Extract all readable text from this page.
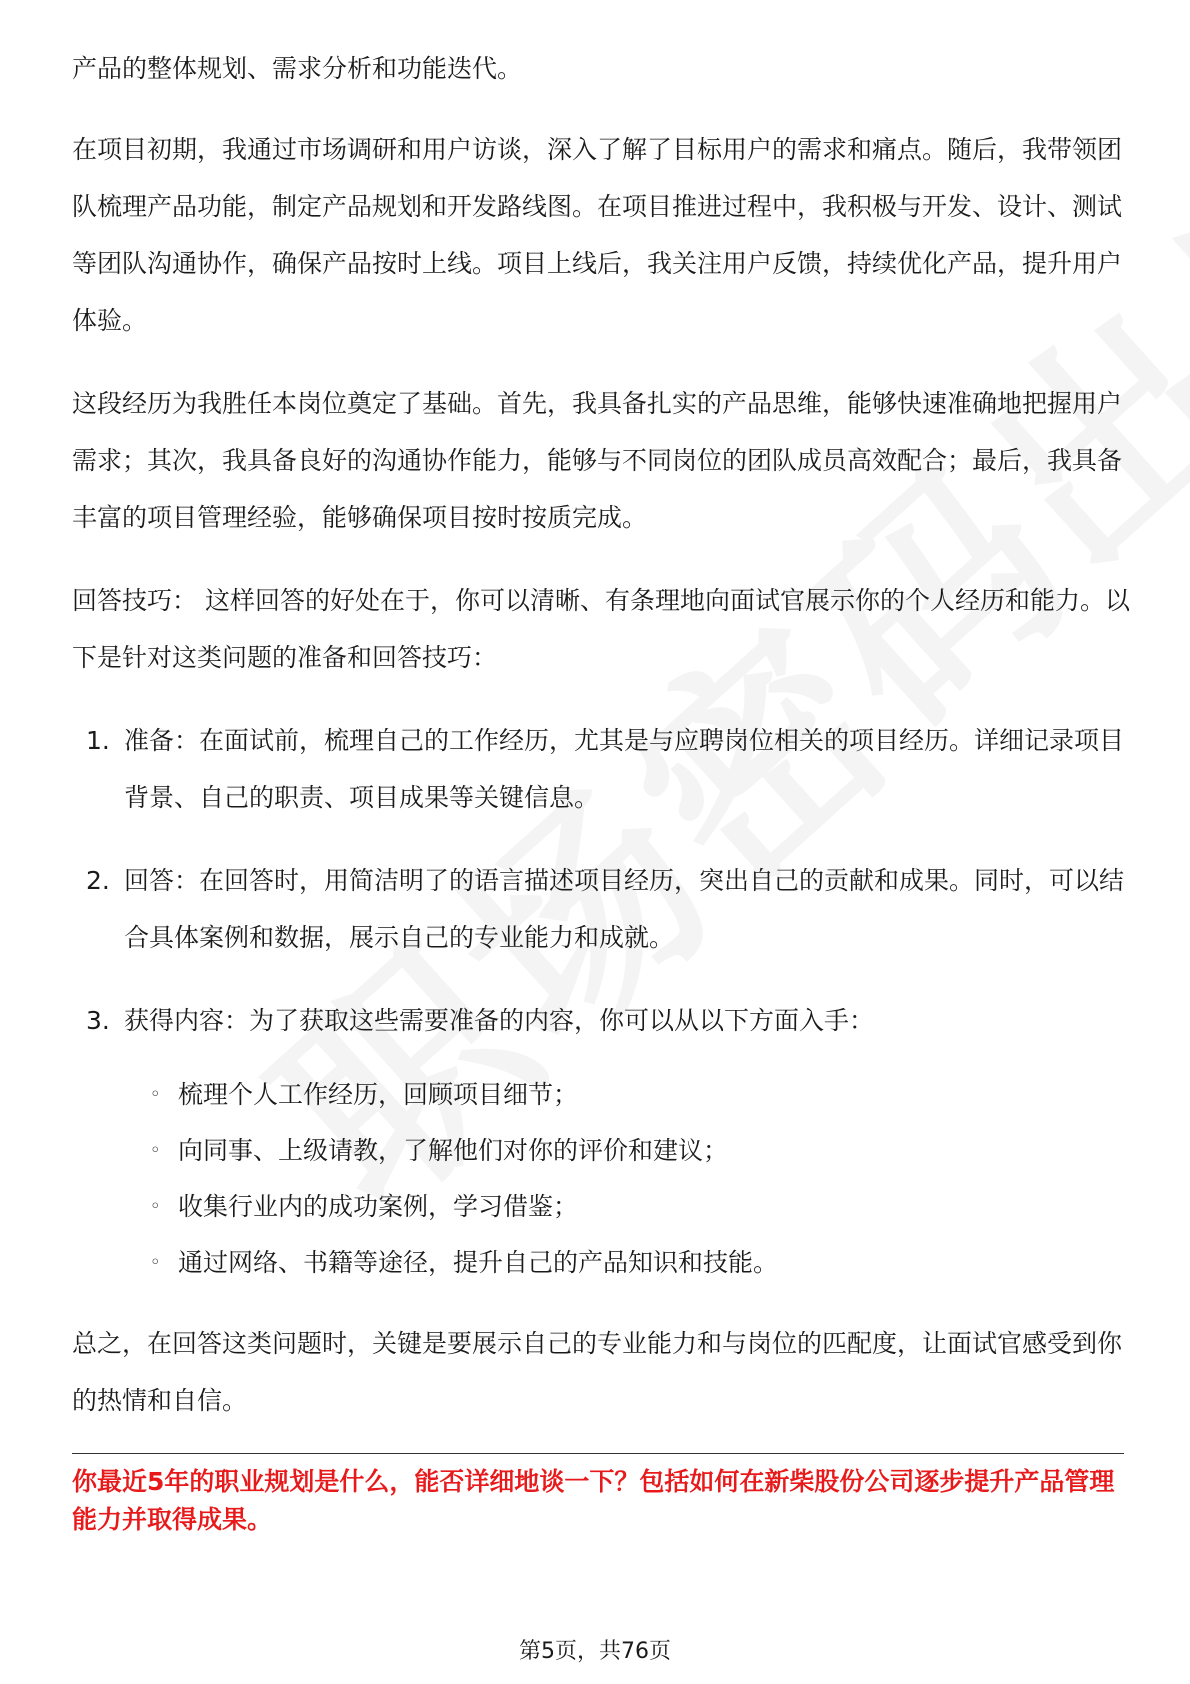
产品的整体规划、需求分析和功能迭代。

在项目初期，我通过市场调研和用户访谈，深入了解了目标用户的需求和痛点。随后，我带领团队梳理产品功能，制定产品规划和开发路线图。在项目推进过程中，我积极与开发、设计、测试等团队沟通协作，确保产品按时上线。项目上线后，我关注用户反馈，持续优化产品，提升用户体验。

这段经历为我胜任本岗位奠定了基础。首先，我具备扎实的产品思维，能够快速准确地把握用户需求；其次，我具备良好的沟通协作能力，能够与不同岗位的团队成员高效配合；最后，我具备丰富的项目管理经验，能够确保项目按时按质完成。

回答技巧： 这样回答的好处在于，你可以清晰、有条理地向面试官展示你的个人经历和能力。以下是针对这类问题的准备和回答技巧：

1. 准备：在面试前，梳理自己的工作经历，尤其是与应聘岗位相关的项目经历。详细记录项目背景、自己的职责、项目成果等关键信息。
2. 回答：在回答时，用简洁明了的语言描述项目经历，突出自己的贡献和成果。同时，可以结合具体案例和数据，展示自己的专业能力和成就。
3. 获得内容：为了获取这些需要准备的内容，你可以从以下方面入手：
◦ 梳理个人工作经历，回顾项目细节；
◦ 向同事、上级请教，了解他们对你的评价和建议；
◦ 收集行业内的成功案例，学习借鉴；
◦ 通过网络、书籍等途径，提升自己的产品知识和技能。

总之，在回答这类问题时，关键是要展示自己的专业能力和与岗位的匹配度，让面试官感受到你的热情和自信。

你最近5年的职业规划是什么，能否详细地谈一下？包括如何在新柴股份公司逐步提升产品管理能力并取得成果。
第5页，共76页
